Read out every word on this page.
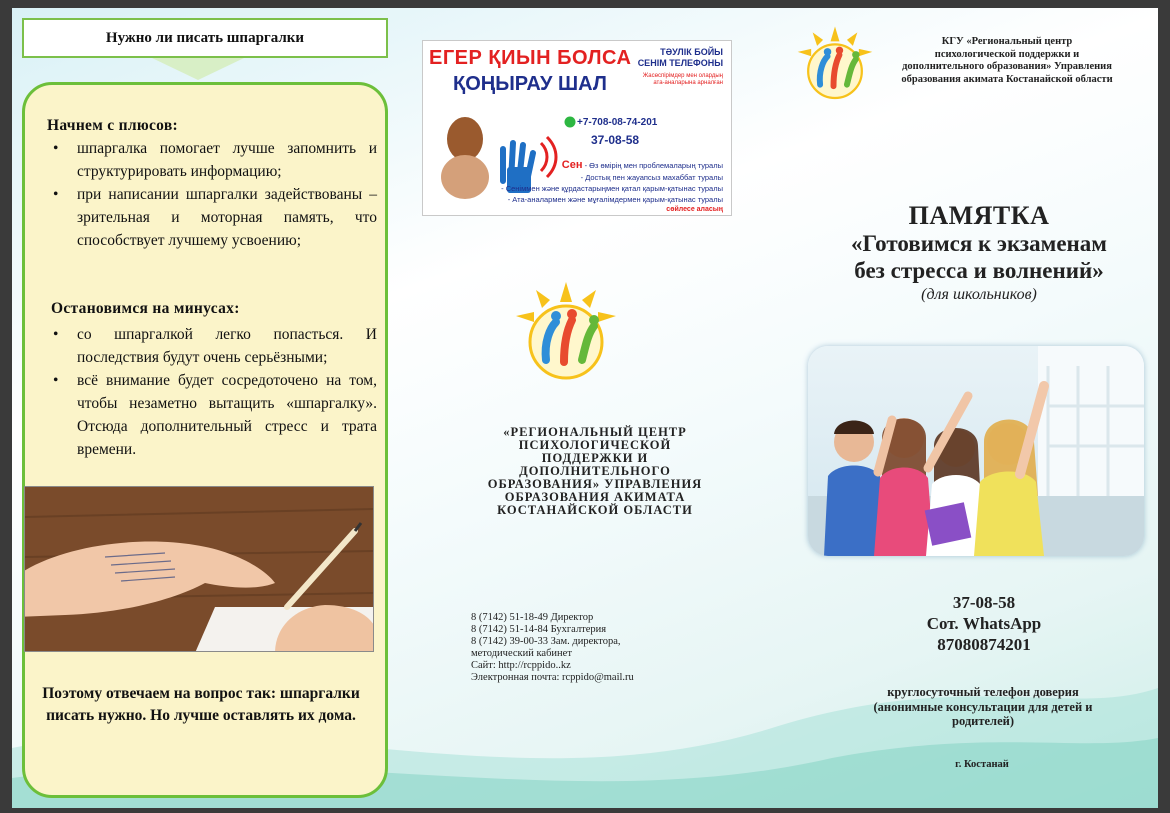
Нужно ли писать шпаргалки
Начнем с плюсов:
• шпаргалка помогает лучше запомнить и структурировать информацию;
• при написании шпаргалки задействованы – зрительная и моторная память, что способствует лучшему усвоению;
Остановимся на минусах:
• со шпаргалкой легко попасться. И последствия будут очень серьёзными;
• всё внимание будет сосредоточено на том, чтобы незаметно вытащить «шпаргалку». Отсюда дополнительный стресс и трата времени.
Поэтому отвечаем на вопрос так: шпаргалки писать нужно. Но лучше оставлять их дома.
ЕГЕР ҚИЫН БОЛСА
ҚОҢЫРАУ ШАЛ
ТӘУЛІК БОЙЫ СЕНІМ ТЕЛЕФОНЫ
Жасөспірімдер мен олардың ата-аналарына арналған
+7-708-08-74-201
37-08-58
Сен - Өз өмірің мен проблемаларың туралы
- Достық пен жауапсыз махаббат туралы
- Сеніммен және құрдастарыңмен қатал қарым-қатынас туралы
- Ата-аналармен және мұғалімдермен қарым-қатынас туралы
сөйлесе аласың
«РЕГИОНАЛЬНЫЙ ЦЕНТР ПСИХОЛОГИЧЕСКОЙ ПОДДЕРЖКИ И ДОПОЛНИТЕЛЬНОГО ОБРАЗОВАНИЯ» УПРАВЛЕНИЯ ОБРАЗОВАНИЯ АКИМАТА КОСТАНАЙСКОЙ ОБЛАСТИ
8 (7142) 51-18-49 Директор
8 (7142) 51-14-84 Бухгалтерия
8 (7142) 39-00-33 Зам. директора,
методический кабинет
Сайт: http://rcppido..kz
Электронная почта: rcppido@mail.ru
КГУ «Региональный центр психологической поддержки и дополнительного образования» Управления образования акимата Костанайской области
ПАМЯТКА
«Готовимся к экзаменам
без стресса и волнений»
(для школьников)
37-08-58
Сот. WhatsApp
87080874201
круглосуточный телефон доверия (анонимные консультации для детей и родителей)
г. Костанай
